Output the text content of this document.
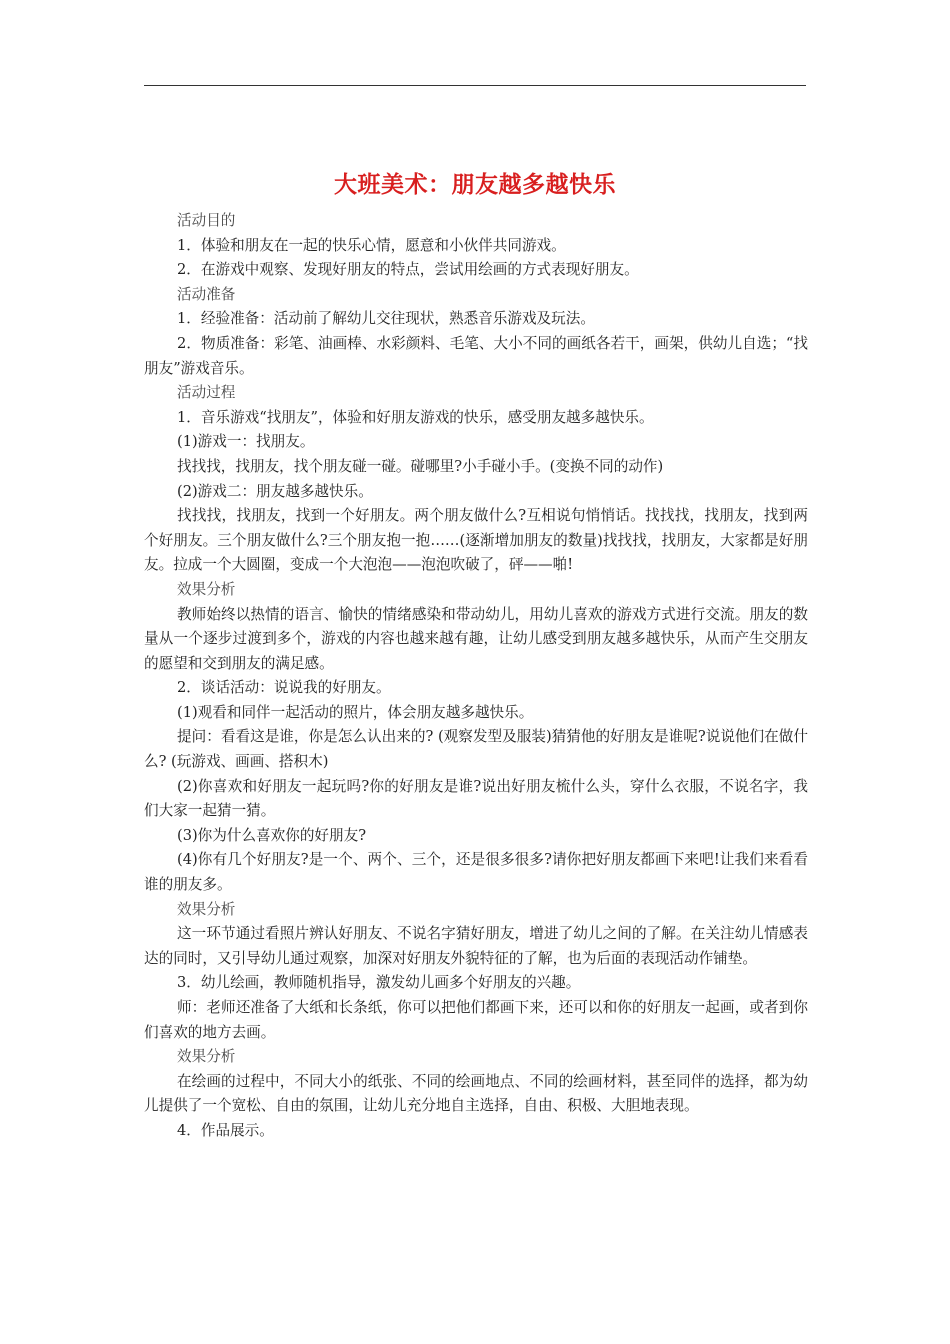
大班美术：朋友越多越快乐

活动目的

1．体验和朋友在一起的快乐心情，愿意和小伙伴共同游戏。

2．在游戏中观察、发现好朋友的特点，尝试用绘画的方式表现好朋友。

活动准备

1．经验准备：活动前了解幼儿交往现状，熟悉音乐游戏及玩法。

2．物质准备：彩笔、油画棒、水彩颜料、毛笔、大小不同的画纸各若干，画架，供幼儿自选；“找朋友”游戏音乐。

活动过程

1．音乐游戏“找朋友”，体验和好朋友游戏的快乐，感受朋友越多越快乐。

(1)游戏一：找朋友。

找找找，找朋友，找个朋友碰一碰。碰哪里?小手碰小手。(变换不同的动作)

(2)游戏二：朋友越多越快乐。

找找找，找朋友，找到一个好朋友。两个朋友做什么?互相说句悄悄话。找找找，找朋友，找到两个好朋友。三个朋友做什么?三个朋友抱一抱……(逐渐增加朋友的数量)找找找，找朋友，大家都是好朋友。拉成一个大圆圈，变成一个大泡泡——泡泡吹破了，砰——啪!

效果分析

教师始终以热情的语言、愉快的情绪感染和带动幼儿，用幼儿喜欢的游戏方式进行交流。朋友的数量从一个逐步过渡到多个，游戏的内容也越来越有趣，让幼儿感受到朋友越多越快乐，从而产生交朋友的愿望和交到朋友的满足感。

2．谈话活动：说说我的好朋友。

(1)观看和同伴一起活动的照片，体会朋友越多越快乐。

提问：看看这是谁，你是怎么认出来的? (观察发型及服装)猜猜他的好朋友是谁呢?说说他们在做什么? (玩游戏、画画、搭积木)

(2)你喜欢和好朋友一起玩吗?你的好朋友是谁?说出好朋友梳什么头，穿什么衣服，不说名字，我们大家一起猜一猜。

(3)你为什么喜欢你的好朋友?

(4)你有几个好朋友?是一个、两个、三个，还是很多很多?请你把好朋友都画下来吧!让我们来看看谁的朋友多。

效果分析

这一环节通过看照片辨认好朋友、不说名字猜好朋友，增进了幼儿之间的了解。在关注幼儿情感表达的同时，又引导幼儿通过观察，加深对好朋友外貌特征的了解，也为后面的表现活动作铺垫。

3．幼儿绘画，教师随机指导，激发幼儿画多个好朋友的兴趣。

师：老师还准备了大纸和长条纸，你可以把他们都画下来，还可以和你的好朋友一起画，或者到你们喜欢的地方去画。

效果分析

在绘画的过程中，不同大小的纸张、不同的绘画地点、不同的绘画材料，甚至同伴的选择，都为幼儿提供了一个宽松、自由的氛围，让幼儿充分地自主选择，自由、积极、大胆地表现。

4．作品展示。
